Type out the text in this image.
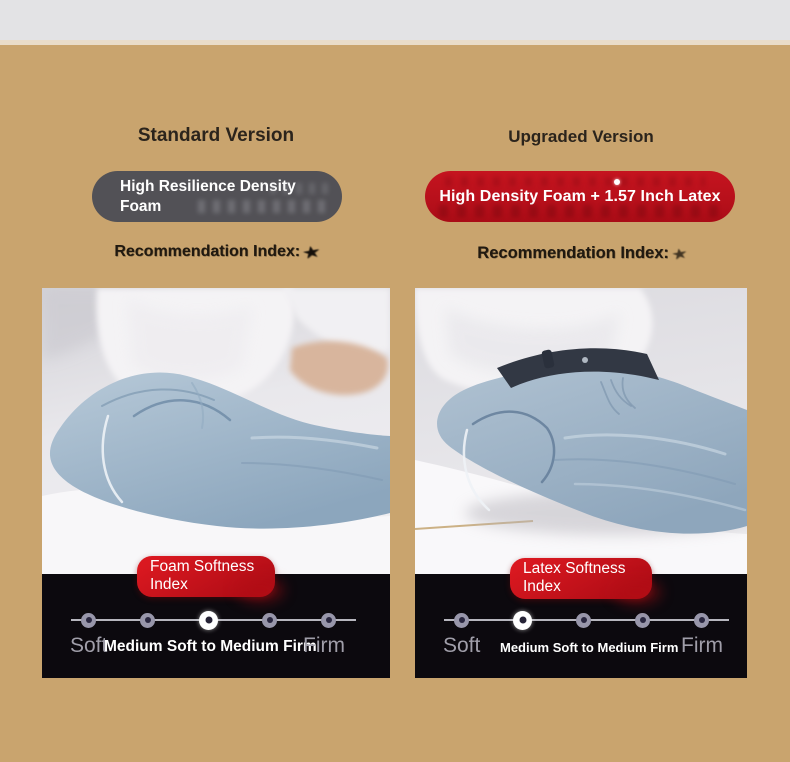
Standard Version
High Resilience Density Foam
Recommendation Index: ★
Foam Softness Index
Soft
Medium Soft to Medium Firm
Firm
Upgraded Version
High Density Foam + 1.57 Inch Latex
Recommendation Index: ★
Latex Softness Index
Soft Medium Soft to Medium Firm Firm
